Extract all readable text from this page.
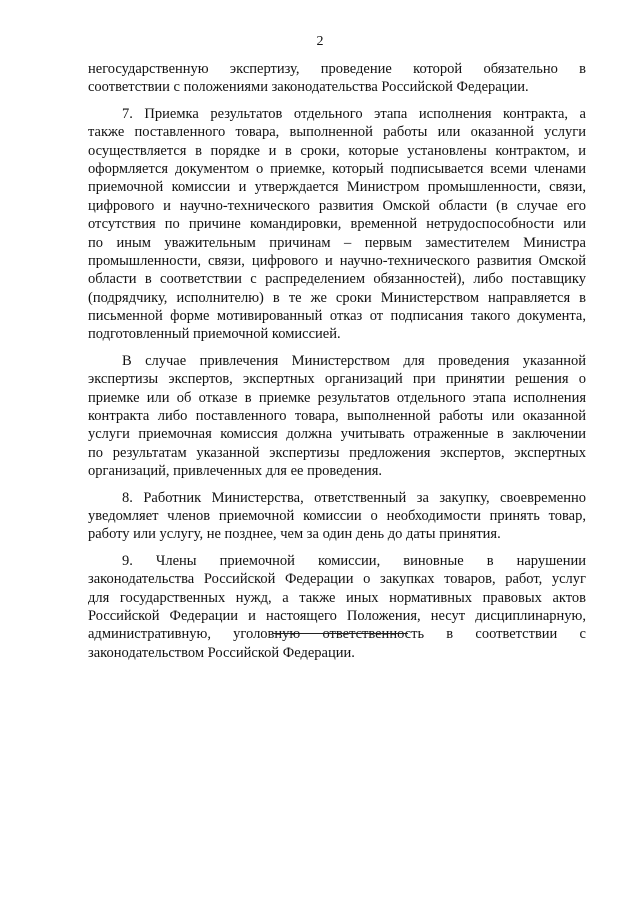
2

негосударственную экспертизу, проведение которой обязательно в
соответствии с положениями законодательства Российской Федерации.

7. Приемка результатов отдельного этапа исполнения контракта, а
также поставленного товара, выполненной работы или оказанной услуги
осуществляется в порядке и в сроки, которые установлены контрактом, и
оформляется документом о приемке, который подписывается всеми членами
приемочной комиссии и утверждается Министром промышленности, связи,
цифрового и научно-технического развития Омской области (в случае его
отсутствия по причине командировки, временной нетрудоспособности или
по иным уважительным причинам – первым заместителем Министра
промышленности, связи, цифрового и научно-технического развития Омской
области в соответствии с распределением обязанностей), либо поставщику
(подрядчику, исполнителю) в те же сроки Министерством направляется в
письменной форме мотивированный отказ от подписания такого документа,
подготовленный приемочной комиссией.

В случае привлечения Министерством для проведения указанной
экспертизы экспертов, экспертных организаций при принятии решения о
приемке или об отказе в приемке результатов отдельного этапа исполнения
контракта либо поставленного товара, выполненной работы или оказанной
услуги приемочная комиссия должна учитывать отраженные в заключении
по результатам указанной экспертизы предложения экспертов, экспертных
организаций, привлеченных для ее проведения.

8. Работник Министерства, ответственный за закупку, своевременно
уведомляет членов приемочной комиссии о необходимости принять товар,
работу или услугу, не позднее, чем за один день до даты принятия.

9. Члены приемочной комиссии, виновные в нарушении
законодательства Российской Федерации о закупках товаров, работ, услуг
для государственных нужд, а также иных нормативных правовых актов
Российской Федерации и настоящего Положения, несут дисциплинарную,
административную, уголовную ответственность в соответствии с
законодательством Российской Федерации.
